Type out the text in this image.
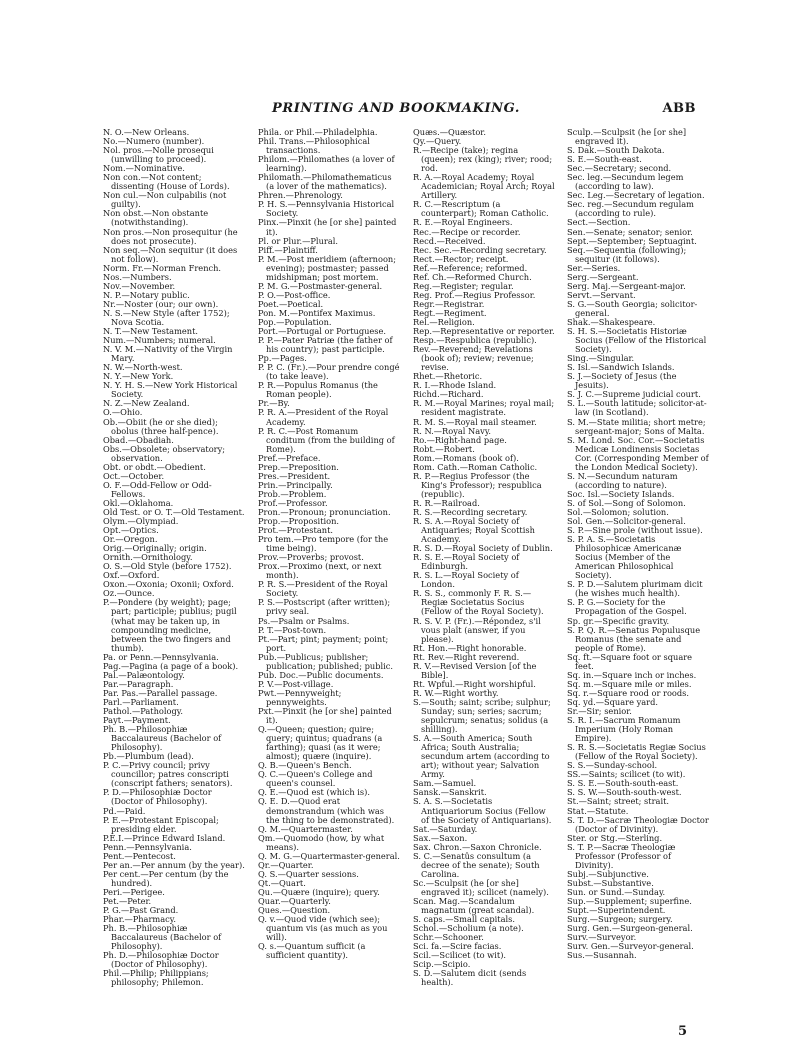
PRINTING AND BOOKMAKING.	ABB

N. O.—New Orleans.

No.—Numero (number).

Nol. pros.—Nolle prosequi (unwilling to proceed).

Nom.—Nominative.

Non con.—Not content; dissenting (House of Lords).

Non cul.—Non culpabilis (not guilty).

Non obst.—Non obstante (notwithstanding).

Non pros.—Non prosequitur (he does not prosecute).

Non seq.—Non sequitur (it does not follow).

Norm. Fr.—Norman French.

Nos.—Numbers.

Nov.—November.

N. P.—Notary public.

Nr.—Noster (our; our own).

N. S.—New Style (after 1752); Nova Scotia.

N. T.—New Testament.

Num.—Numbers; numeral.

N. V. M.—Nativity of the Virgin Mary.

N. W.—North-west.

N. Y.—New York.

N. Y. H. S.—New York Historical Society.

N. Z.—New Zealand.

O.—Ohio.

Ob.—Obiit (he or she died); obolus (three half-pence).

Obad.—Obadiah.

Obs.—Obsolete; observatory; observation.

Obt. or obdt.—Obedient.

Oct.—October.

O. F.—Odd-Fellow or Odd-Fellows.

Okl.—Oklahoma.

Old Test. or O. T.—Old Testament.

Olym.—Olympiad.

Opt.—Optics.

Or.—Oregon.

Orig.—Originally; origin.

Ornith.—Ornithology.

O. S.—Old Style (before 1752).

Oxf.—Oxford.

Oxon.—Oxonia; Oxonii; Oxford.

Oz.—Ounce.

P.—Pondere (by weight); page; part; participle; publius; pugil (what may be taken up, in compounding medicine, between the two fingers and thumb).

Pa. or Penn.—Pennsylvania.

Pag.—Pagina (a page of a book).

Pal.—Palæontology.

Par.—Paragraph.

Par. Pas.—Parallel passage.

Parl.—Parliament.

Pathol.—Pathology.

Payt.—Payment.

Ph. B.—Philosophiæ Baccalaureus (Bachelor of Philosophy).

Pb.—Plumbum (lead).

P. C.—Privy council; privy councillor; patres conscripti (conscript fathers; senators).

P. D.—Philosophiæ Doctor (Doctor of Philosophy).

Pd.—Paid.

P. E.—Protestant Episcopal; presiding elder.

P.E.I.—Prince Edward Island.

Penn.—Pennsylvania.

Pent.—Pentecost.

Per an.—Per annum (by the year).

Per cent.—Per centum (by the hundred).

Peri.—Perigee.

Pet.—Peter.

P. G.—Past Grand.

Phar.—Pharmacy.

Ph. B.—Philosophiæ Baccalaureus (Bachelor of Philosophy).

Ph. D.—Philosophiæ Doctor (Doctor of Philosophy).

Phil.—Philip; Philippians; philosophy; Philemon.

Phila. or Phil.—Philadelphia.

Phil. Trans.—Philosophical transactions.

Philom.—Philomathes (a lover of learning).

Philomath.—Philomathematicus (a lover of the mathematics).

Phren.—Phrenology.

P. H. S.—Pennsylvania Historical Society.

Pinx.—Pinxit (he [or she] painted it).

Pl. or Plur.—Plural.

Piff.—Plaintiff.

P. M.—Post meridiem (afternoon; evening); postmaster; passed midshipman; post mortem.

P. M. G.—Postmaster-general.

P. O.—Post-office.

Poet.—Poetical.

Pon. M.—Pontifex Maximus.

Pop.—Population.

Port.—Portugal or Portuguese.

P. P.—Pater Patriæ (the father of his country); past participle.

Pp.—Pages.

P. P. C. (Fr.).—Pour prendre congé (to take leave).

P. R.—Populus Romanus (the Roman people).

Pr.—By.

P. R. A.—President of the Royal Academy.

P. R. C.—Post Romanum conditum (from the building of Rome).

Pref.—Preface.

Prep.—Preposition.

Pres.—President.

Prin.—Principally.

Prob.—Problem.

Prof.—Professor.

Pron.—Pronoun; pronunciation.

Prop.—Proposition.

Prot.—Protestant.

Pro tem.—Pro tempore (for the time being).

Prov.—Proverbs; provost.

Prox.—Proximo (next, or next month).

P. R. S.—President of the Royal Society.

P. S.—Postscript (after written); privy seal.

Ps.—Psalm or Psalms.

P. T.—Post-town.

Pt.—Part; pint; payment; point; port.

Pub.—Publicus; publisher; publication; published; public.

Pub. Doc.—Public documents.

P. V.—Post-village.

Pwt.—Pennyweight; pennyweights.

Pxt.—Pinxit (he [or she] painted it).

Q.—Queen; question; quire; query; quintus; quadrans (a farthing); quasi (as it were; almost); quære (inquire).

Q. B.—Queen's Bench.

Q. C.—Queen's College and queen's counsel.

Q. E.—Quod est (which is).

Q. E. D.—Quod erat demonstrandum (which was the thing to be demonstrated).

Q. M.—Quartermaster.

Qm.—Quomodo (how, by what means).

Q. M. G.—Quartermaster-general.

Qr.—Quarter.

Q. S.—Quarter sessions.

Qt.—Quart.

Qu.—Quære (inquire); query.

Quar.—Quarterly.

Ques.—Question.

Q. v.—Quod vide (which see); quantum vis (as much as you will).

Q. s.—Quantum sufficit (a sufficient quantity).

Quæs.—Quæstor.

Qy.—Query.

R.—Recipe (take); regina (queen); rex (king); river; rood; rod.

R. A.—Royal Academy; Royal Academician; Royal Arch; Royal Artillery.

R. C.—Rescriptum (a counterpart); Roman Catholic.

R. E.—Royal Engineers.

Rec.—Recipe or recorder.

Recd.—Received.

Rec. Sec.—Recording secretary.

Rect.—Rector; receipt.

Ref.—Reference; reformed.

Ref. Ch.—Reformed Church.

Reg.—Register; regular.

Reg. Prof.—Regius Professor.

Regr.—Registrar.

Regt.—Regiment.

Rel.—Religion.

Rep.—Representative or reporter.

Resp.—Respublica (republic).

Rev.—Reverend; Revelations (book of); review; revenue; revise.

Rhet.—Rhetoric.

R. I.—Rhode Island.

Richd.—Richard.

R. M.—Royal Marines; royal mail; resident magistrate.

R. M. S.—Royal mail steamer.

R. N.—Royal Navy.

Ro.—Right-hand page.

Robt.—Robert.

Rom.—Romans (book of).

Rom. Cath.—Roman Catholic.

R. P.—Regius Professor (the King's Professor); respublica (republic).

R. R.—Railroad.

R. S.—Recording secretary.

R. S. A.—Royal Society of Antiquaries; Royal Scottish Academy.

R. S. D.—Royal Society of Dublin.

R. S. E.—Royal Society of Edinburgh.

R. S. L.—Royal Society of London.

R. S. S., commonly F. R. S.—Regiæ Societatus Socius (Fellow of the Royal Society).

R. S. V. P. (Fr.).—Répondez, s'il vous plaît (answer, if you please).

Rt. Hon.—Right honorable.

Rt. Rev.—Right reverend.

R. V.—Revised Version [of the Bible].

Rt. Wpful.—Right worshipful.

R. W.—Right worthy.

S.—South; saint; scribe; sulphur; Sunday; sun; series; sacrum; sepulcrum; senatus; solidus (a shilling).

S. A.—South America; South Africa; South Australia; secundum artem (according to art); without year; Salvation Army.

Sam.—Samuel.

Sansk.—Sanskrit.

S. A. S.—Societatis Antiquariorum Socius (Fellow of the Society of Antiquarians).

Sat.—Saturday.

Sax.—Saxon.

Sax. Chron.—Saxon Chronicle.

S. C.—Senatûs consultum (a decree of the senate); South Carolina.

Sc.—Sculpsit (he [or she] engraved it); scilicet (namely).

Scan. Mag.—Scandalum magnatum (great scandal).

S. caps.—Small capitals.

Schol.—Scholium (a note).

Schr.—Schooner.

Sci. fa.—Scire facias.

Scil.—Scilicet (to wit).

Scip.—Scipio.

S. D.—Salutem dicit (sends health).

Sculp.—Sculpsit (he [or she] engraved it).

S. Dak.—South Dakota.

S. E.—South-east.

Sec.—Secretary; second.

Sec. leg.—Secundum legem (according to law).

Sec. Leg.—Secretary of legation.

Sec. reg.—Secundum regulam (according to rule).

Sect.—Section.

Sen.—Senate; senator; senior.

Sept.—September; Septuagint.

Seq.—Sequentia (following); sequitur (it follows).

Ser.—Series.

Serg.—Sergeant.

Serg. Maj.—Sergeant-major.

Servt.—Servant.

S. G.—South Georgia; solicitor-general.

Shak.—Shakespeare.

S. H. S.—Societatis Historiæ Socius (Fellow of the Historical Society).

Sing.—Singular.

S. Isl.—Sandwich Islands.

S. J.—Society of Jesus (the Jesuits).

S. J. C.—Supreme judicial court.

S. L.—South latitude; solicitor-at-law (in Scotland).

S. M.—State militia; short metre; sergeant-major; Sons of Malta.

S. M. Lond. Soc. Cor.—Societatis Medicæ Londinensis Societas Cor. (Corresponding Member of the London Medical Society).

S. N.—Secundum naturam (according to nature).

Soc. Isl.—Society Islands.

S. of Sol.—Song of Solomon.

Sol.—Solomon; solution.

Sol. Gen.—Solicitor-general.

S. P.—Sine prole (without issue).

S. P. A. S.—Societatis Philosophicæ Americanæ Socius (Member of the American Philosophical Society).

S. P. D.—Salutem plurimam dicit (he wishes much health).

S. P. G.—Society for the Propagation of the Gospel.

Sp. gr.—Specific gravity.

S. P. Q. R.—Senatus Populusque Romanus (the senate and people of Rome).

Sq. ft.—Square foot or square feet.

Sq. in.—Square inch or inches.

Sq. m.—Square mile or miles.

Sq. r.—Square rood or roods.

Sq. yd.—Square yard.

Sr.—Sir; senior.

S. R. I.—Sacrum Romanum Imperium (Holy Roman Empire).

S. R. S.—Societatis Regiæ Socius (Fellow of the Royal Society).

S. S.—Sunday-school.

SS.—Saints; scilicet (to wit).

S. S. E.—South-south-east.

S. S. W.—South-south-west.

St.—Saint; street; strait.

Stat.—Statute.

S. T. D.—Sacræ Theologiæ Doctor (Doctor of Divinity).

Ster. or Stg.—Sterling.

S. T. P.—Sacræ Theologiæ Professor (Professor of Divinity).

Subj.—Subjunctive.

Subst.—Substantive.

Sun. or Sund.—Sunday.

Sup.—Supplement; superfine.

Supt.—Superintendent.

Surg.—Surgeon; surgery.

Surg. Gen.—Surgeon-general.

Surv.—Surveyor.

Surv. Gen.—Surveyor-general.

Sus.—Susannah.

5
